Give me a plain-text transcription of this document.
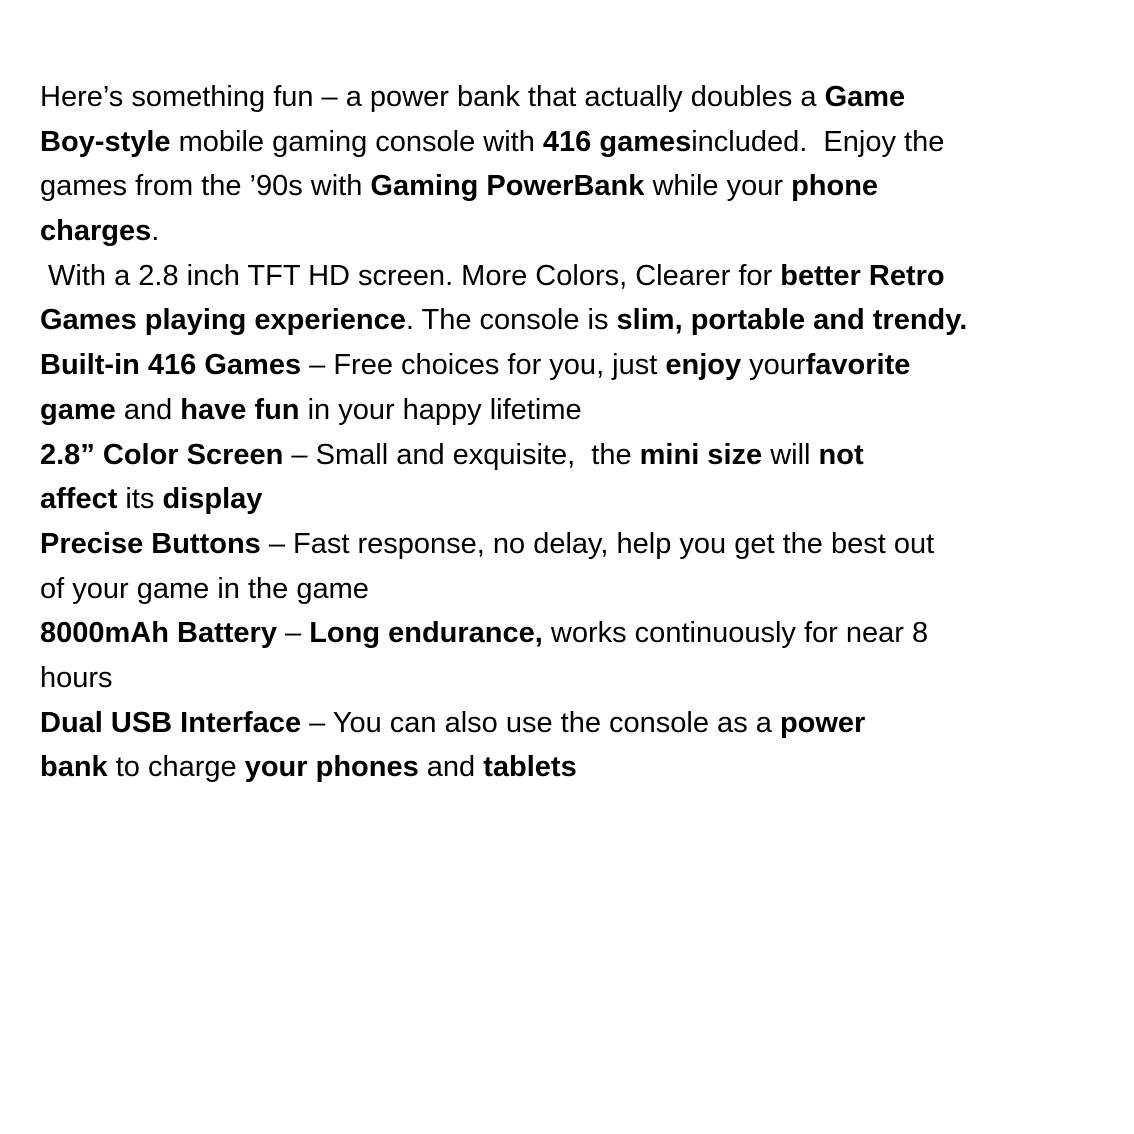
Here’s something fun – a power bank that actually doubles a Game
Boy-style mobile gaming console with 416 gamesincluded.  Enjoy the
games from the ’90s with Gaming PowerBank while your phone
charges.
With a 2.8 inch TFT HD screen. More Colors, Clearer for better Retro
Games playing experience. The console is slim, portable and trendy.
Built-in 416 Games – Free choices for you, just enjoy yourfavorite
game and have fun in your happy lifetime
2.8” Color Screen – Small and exquisite,  the mini size will not
affect its display
Precise Buttons – Fast response, no delay, help you get the best out
of your game in the game
8000mAh Battery – Long endurance, works continuously for near 8
hours
Dual USB Interface – You can also use the console as a power
bank to charge your phones and tablets
